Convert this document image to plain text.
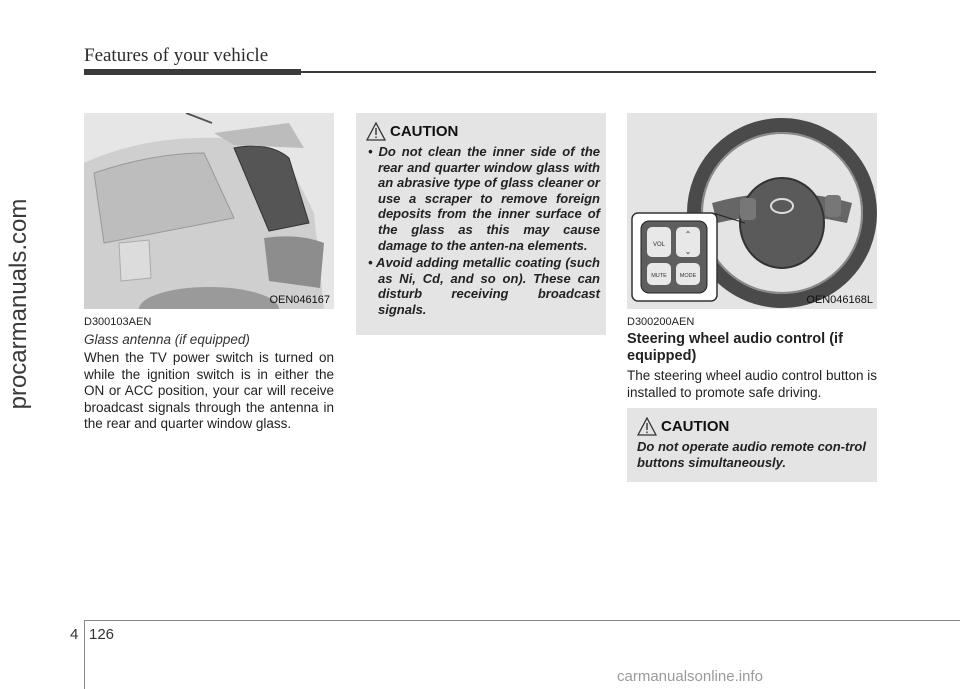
Features of your vehicle
procarmanuals.com	OEN046167
D300103AEN
Glass antenna (if equipped)
When the TV power switch is turned on while the ignition switch is in either the ON or ACC position, your car will receive broadcast signals through the antenna in the rear and quarter window glass.
CAUTION
• Do not clean the inner side of the rear and quarter window glass with an abrasive type of glass cleaner or use a scraper to remove foreign deposits from the inner surface of the glass as this may cause damage to the anten-na elements.
• Avoid adding metallic coating (such as Ni, Cd, and so on). These can disturb receiving broadcast signals.
VOL
⌃
⌄
MUTE MODE
OEN046168L
D300200AEN
Steering wheel audio control (if equipped)
The steering wheel audio control button is installed to promote safe driving.
CAUTION
Do not operate audio remote con-trol buttons simultaneously.
4 126
carmanualsonline.info
